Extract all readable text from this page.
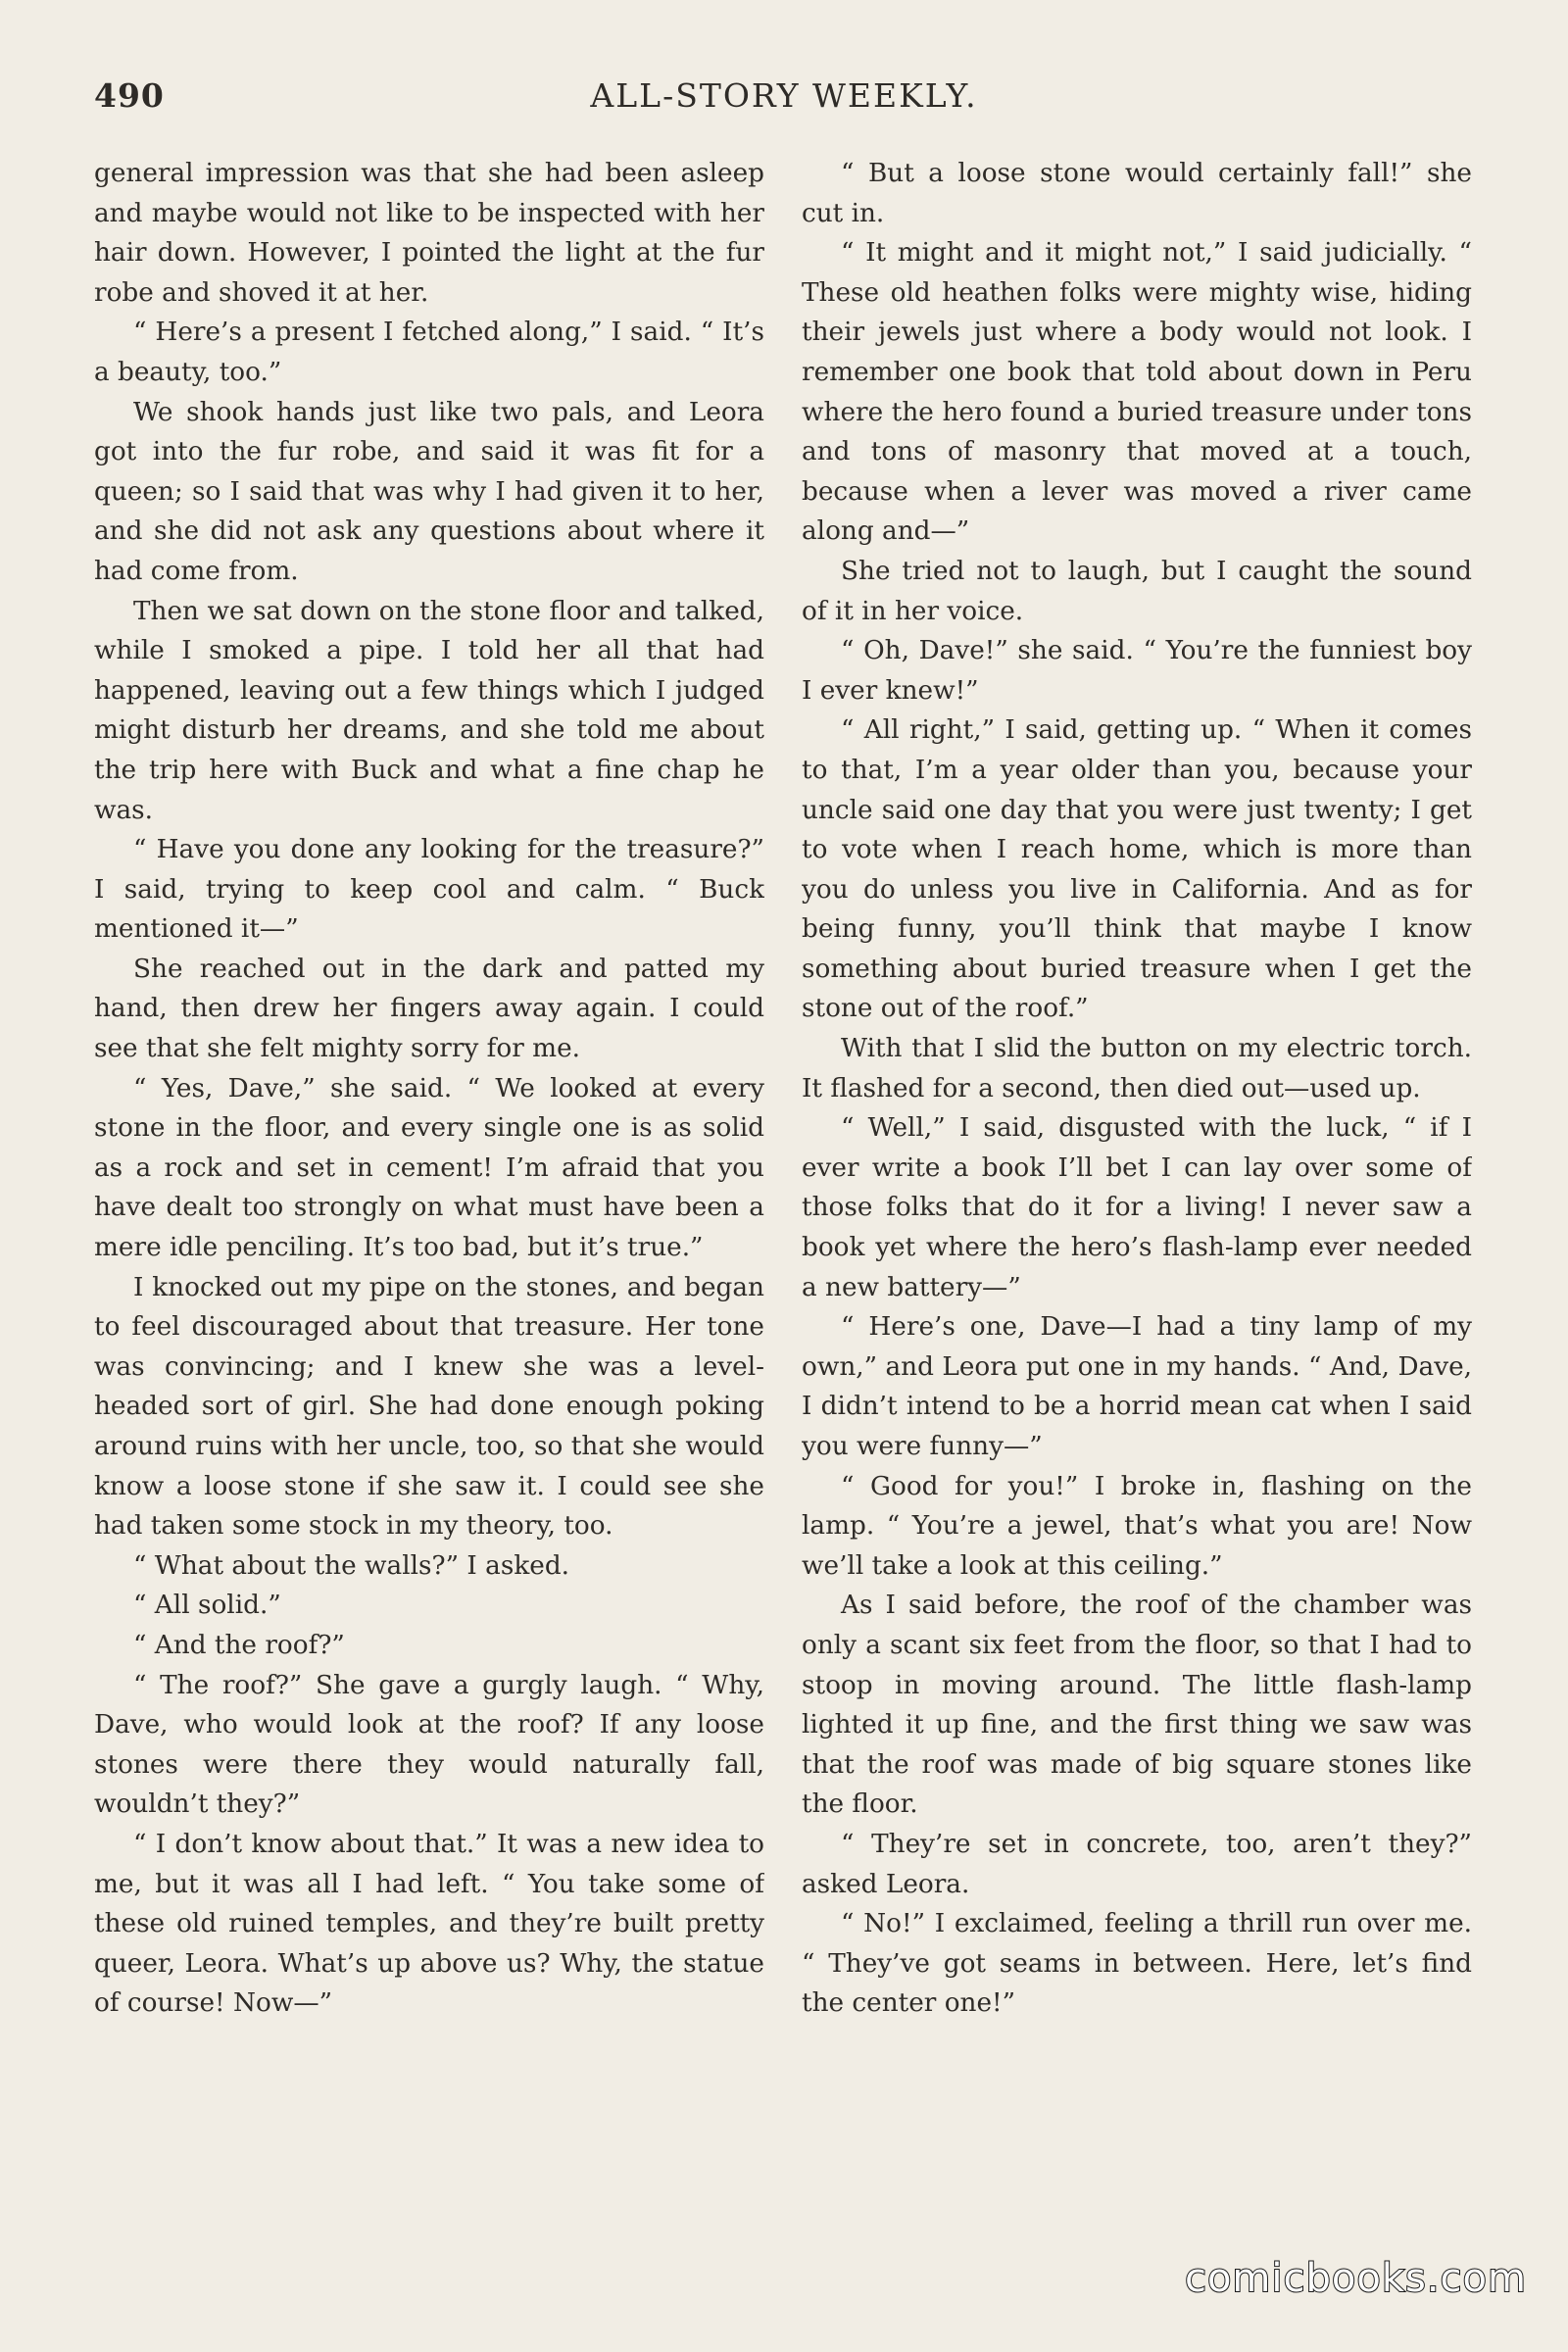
490	ALL-STORY WEEKLY.

general impression was that she had been asleep and maybe would not like to be inspected with her hair down. However, I pointed the light at the fur robe and shoved it at her.

“ Here’s a present I fetched along,” I said. “ It’s a beauty, too.”

We shook hands just like two pals, and Leora got into the fur robe, and said it was fit for a queen; so I said that was why I had given it to her, and she did not ask any questions about where it had come from.

Then we sat down on the stone floor and talked, while I smoked a pipe. I told her all that had happened, leaving out a few things which I judged might disturb her dreams, and she told me about the trip here with Buck and what a fine chap he was.

“ Have you done any looking for the treasure?” I said, trying to keep cool and calm. “ Buck mentioned it—”

She reached out in the dark and patted my hand, then drew her fingers away again. I could see that she felt mighty sorry for me.

“ Yes, Dave,” she said. “ We looked at every stone in the floor, and every single one is as solid as a rock and set in cement! I’m afraid that you have dealt too strongly on what must have been a mere idle penciling. It’s too bad, but it’s true.”

I knocked out my pipe on the stones, and began to feel discouraged about that treasure. Her tone was convincing; and I knew she was a level-headed sort of girl. She had done enough poking around ruins with her uncle, too, so that she would know a loose stone if she saw it. I could see she had taken some stock in my theory, too.

“ What about the walls?” I asked.

“ All solid.”

“ And the roof?”

“ The roof?” She gave a gurgly laugh. “ Why, Dave, who would look at the roof? If any loose stones were there they would naturally fall, wouldn’t they?”

“ I don’t know about that.” It was a new idea to me, but it was all I had left. “ You take some of these old ruined temples, and they’re built pretty queer, Leora. What’s up above us? Why, the statue of course! Now—”

“ But a loose stone would certainly fall!” she cut in.

“ It might and it might not,” I said judicially. “ These old heathen folks were mighty wise, hiding their jewels just where a body would not look. I remember one book that told about down in Peru where the hero found a buried treasure under tons and tons of masonry that moved at a touch, because when a lever was moved a river came along and—”

She tried not to laugh, but I caught the sound of it in her voice.

“ Oh, Dave!” she said. “ You’re the funniest boy I ever knew!”

“ All right,” I said, getting up. “ When it comes to that, I’m a year older than you, because your uncle said one day that you were just twenty; I get to vote when I reach home, which is more than you do unless you live in California. And as for being funny, you’ll think that maybe I know something about buried treasure when I get the stone out of the roof.”

With that I slid the button on my electric torch. It flashed for a second, then died out—used up.

“ Well,” I said, disgusted with the luck, “ if I ever write a book I’ll bet I can lay over some of those folks that do it for a living! I never saw a book yet where the hero’s flash-lamp ever needed a new battery—”

“ Here’s one, Dave—I had a tiny lamp of my own,” and Leora put one in my hands. “ And, Dave, I didn’t intend to be a horrid mean cat when I said you were funny—”

“ Good for you!” I broke in, flashing on the lamp. “ You’re a jewel, that’s what you are! Now we’ll take a look at this ceiling.”

As I said before, the roof of the chamber was only a scant six feet from the floor, so that I had to stoop in moving around. The little flash-lamp lighted it up fine, and the first thing we saw was that the roof was made of big square stones like the floor.

“ They’re set in concrete, too, aren’t they?” asked Leora.

“ No!” I exclaimed, feeling a thrill run over me. “ They’ve got seams in between. Here, let’s find the center one!”

comicbooks.com
